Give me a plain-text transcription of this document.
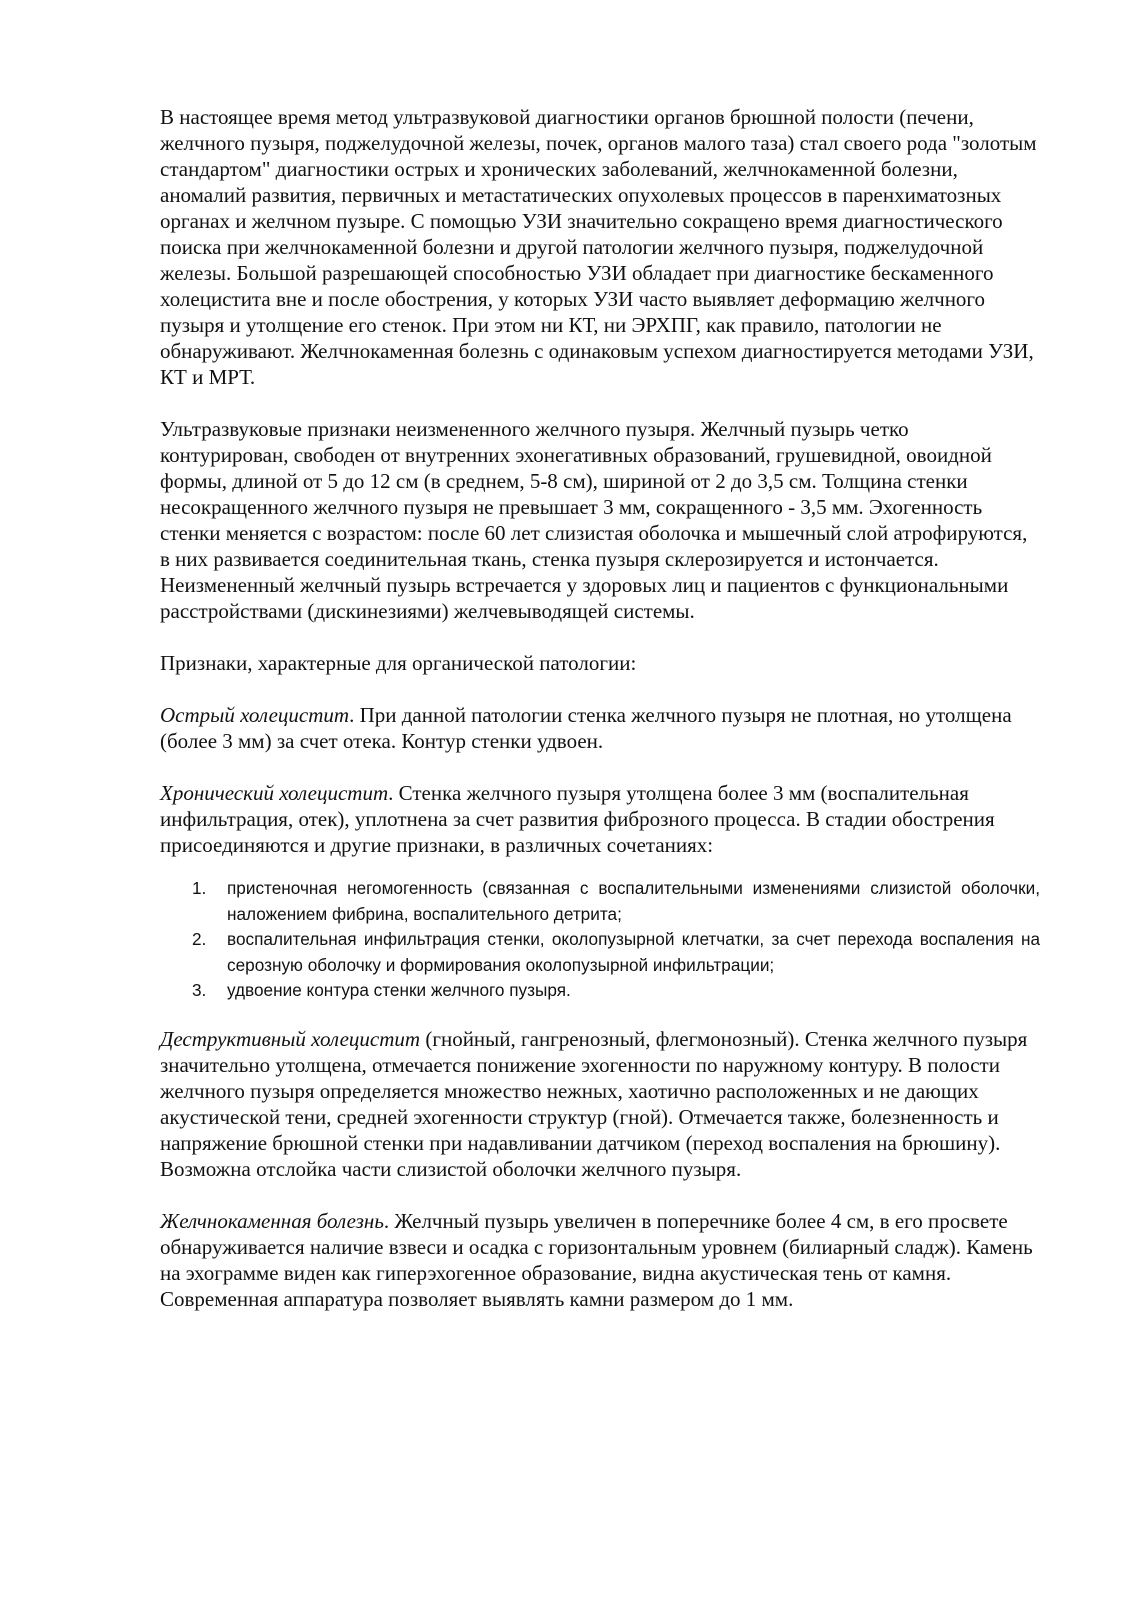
В настоящее время метод ультразвуковой диагностики органов брюшной полости (печени, желчного пузыря, поджелудочной железы, почек, органов малого таза) стал своего рода "золотым стандартом" диагностики острых и хронических заболеваний, желчнокаменной болезни, аномалий развития, первичных и метастатических опухолевых процессов в паренхиматозных органах и желчном пузыре. С помощью УЗИ значительно сокращено время диагностического поиска при желчнокаменной болезни и другой патологии желчного пузыря, поджелудочной железы. Большой разрешающей способностью УЗИ обладает при диагностике бескаменного холецистита вне и после обострения, у которых УЗИ часто выявляет деформацию желчного пузыря и утолщение его стенок. При этом ни КТ, ни ЭРХПГ, как правило, патологии не обнаруживают. Желчнокаменная болезнь с одинаковым успехом диагностируется методами УЗИ, КТ и МРТ.

Ультразвуковые признаки неизмененного желчного пузыря. Желчный пузырь четко контурирован, свободен от внутренних эхонегативных образований, грушевидной, овоидной формы, длиной от 5 до 12 см (в среднем, 5-8 см), шириной от 2 до 3,5 см. Толщина стенки несокращенного желчного пузыря не превышает 3 мм, сокращенного - 3,5 мм. Эхогенность стенки меняется с возрастом: после 60 лет слизистая оболочка и мышечный слой атрофируются, в них развивается соединительная ткань, стенка пузыря склерозируется и истончается. Неизмененный желчный пузырь встречается у здоровых лиц и пациентов с функциональными расстройствами (дискинезиями) желчевыводящей системы.

Признаки, характерные для органической патологии:

Острый холецистит. При данной патологии стенка желчного пузыря не плотная, но утолщена (более 3 мм) за счет отека. Контур стенки удвоен.

Хронический холецистит. Стенка желчного пузыря утолщена более 3 мм (воспалительная инфильтрация, отек), уплотнена за счет развития фиброзного процесса. В стадии обострения присоединяются и другие признаки, в различных сочетаниях:

1. пристеночная негомогенность (связанная с воспалительными изменениями слизистой оболочки, наложением фибрина, воспалительного детрита;
2. воспалительная инфильтрация стенки, околопузырной клетчатки, за счет перехода воспаления на серозную оболочку и формирования околопузырной инфильтрации;
3. удвоение контура стенки желчного пузыря.

Деструктивный холецистит (гнойный, гангренозный, флегмонозный). Стенка желчного пузыря значительно утолщена, отмечается понижение эхогенности по наружному контуру. В полости желчного пузыря определяется множество нежных, хаотично расположенных и не дающих акустической тени, средней эхогенности структур (гной). Отмечается также, болезненность и напряжение брюшной стенки при надавливании датчиком (переход воспаления на брюшину). Возможна отслойка части слизистой оболочки желчного пузыря.

Желчнокаменная болезнь. Желчный пузырь увеличен в поперечнике более 4 см, в его просвете обнаруживается наличие взвеси и осадка с горизонтальным уровнем (билиарный сладж). Камень на эхограмме виден как гиперэхогенное образование, видна акустическая тень от камня. Современная аппаратура позволяет выявлять камни размером до 1 мм.
